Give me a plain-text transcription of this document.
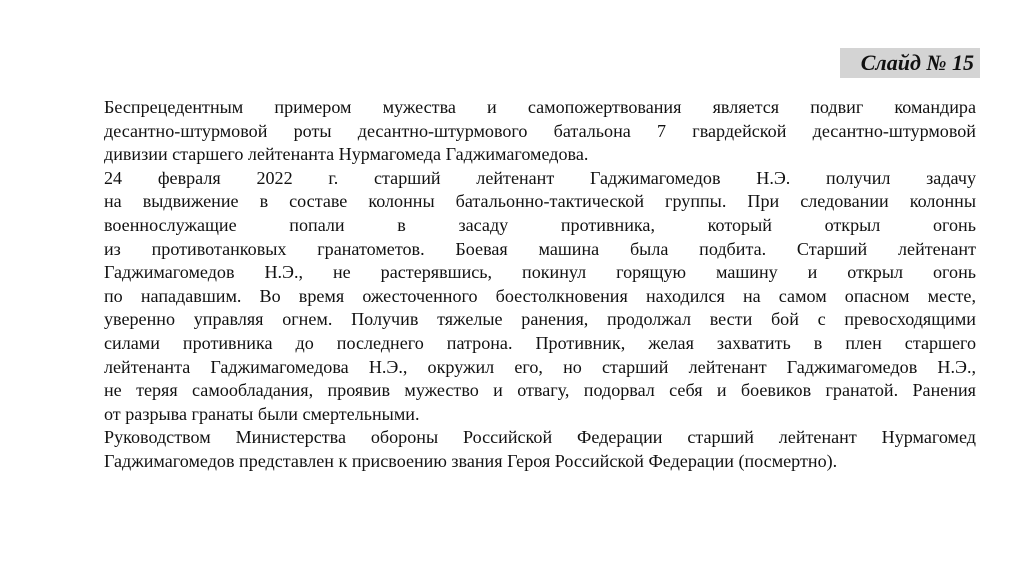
Слайд № 15

Беспрецедентным примером мужества и самопожертвования является подвиг командира
десантно-штурмовой роты десантно-штурмового батальона 7 гвардейской десантно-штурмовой
дивизии старшего лейтенанта Нурмагомеда Гаджимагомедова.

24 февраля 2022 г. старший лейтенант Гаджимагомедов Н.Э. получил задачу
на выдвижение в составе колонны батальонно-тактической группы. При следовании колонны
военнослужащие попали в засаду противника, который открыл огонь
из противотанковых гранатометов. Боевая машина была подбита. Старший лейтенант
Гаджимагомедов Н.Э., не растерявшись, покинул горящую машину и открыл огонь
по нападавшим. Во время ожесточенного боестолкновения находился на самом опасном месте,
уверенно управляя огнем. Получив тяжелые ранения, продолжал вести бой с превосходящими
силами противника до последнего патрона. Противник, желая захватить в плен старшего
лейтенанта Гаджимагомедова Н.Э., окружил его, но старший лейтенант Гаджимагомедов Н.Э.,
не теряя самообладания, проявив мужество и отвагу, подорвал себя и боевиков гранатой. Ранения
от разрыва гранаты были смертельными.

Руководством Министерства обороны Российской Федерации старший лейтенант Нурмагомед
Гаджимагомедов представлен к присвоению звания Героя Российской Федерации (посмертно).
